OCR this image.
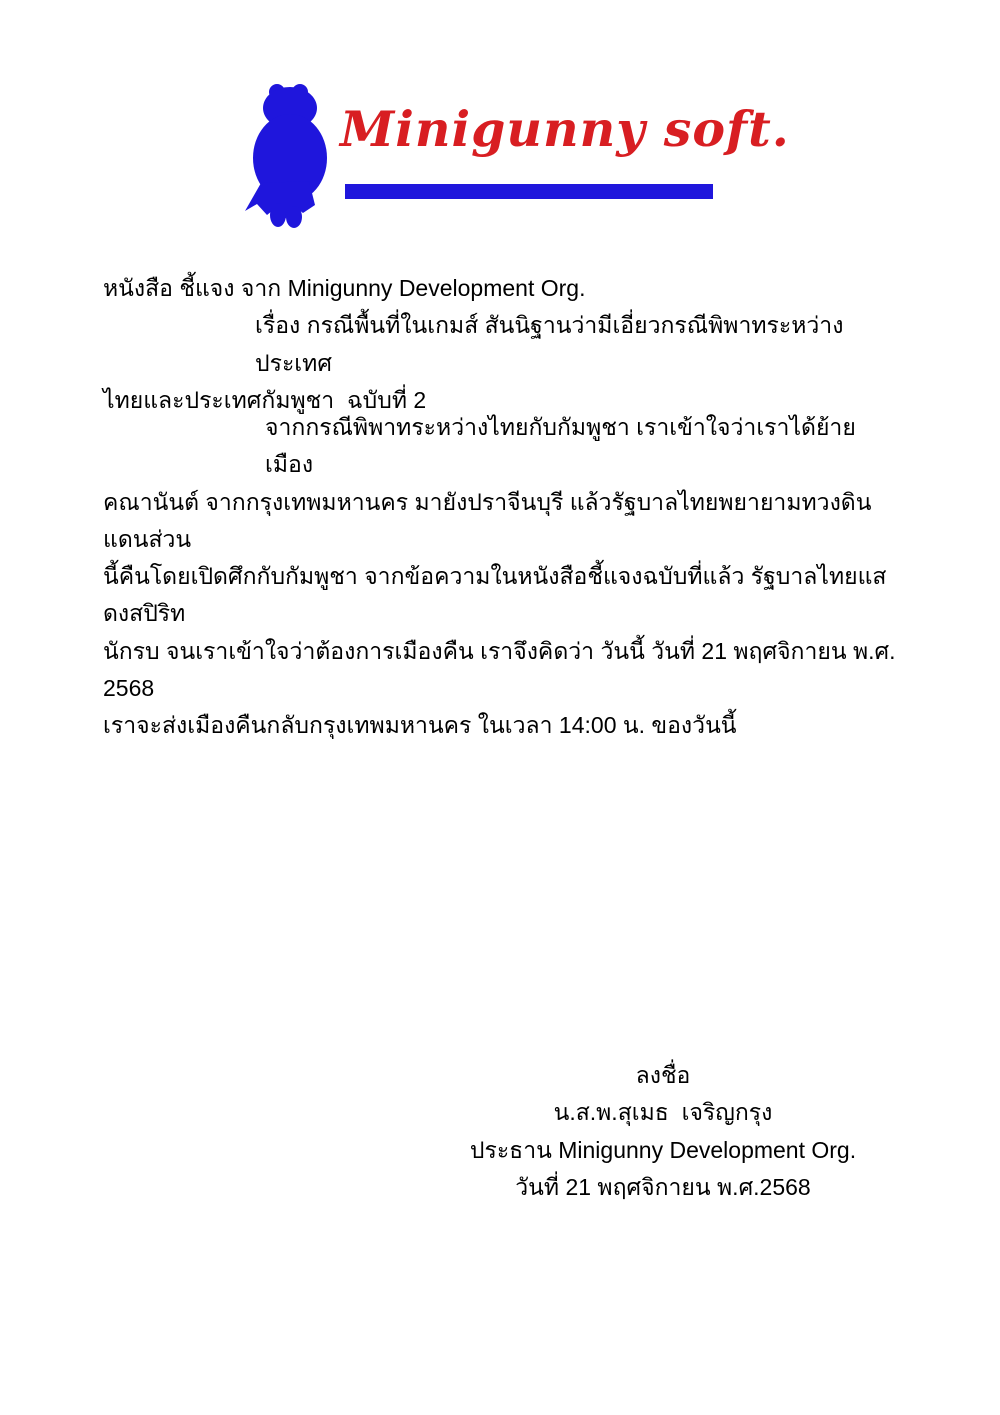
Minigunny soft.
หนังสือ ชี้แจง จาก Minigunny Development Org.
เรื่อง กรณีพื้นที่ในเกมส์ สันนิฐานว่ามีเอี่ยวกรณีพิพาทระหว่างประเทศ
ไทยและประเทศกัมพูชา  ฉบับที่ 2
จากกรณีพิพาทระหว่างไทยกับกัมพูชา เราเข้าใจว่าเราได้ย้ายเมือง
คณานันต์ จากกรุงเทพมหานคร มายังปราจีนบุรี แล้วรัฐบาลไทยพยายามทวงดินแดนส่วน
นี้คืนโดยเปิดศึกกับกัมพูชา จากข้อความในหนังสือชี้แจงฉบับที่แล้ว รัฐบาลไทยแสดงสปิริท
นักรบ จนเราเข้าใจว่าต้องการเมืองคืน เราจึงคิดว่า วันนี้ วันที่ 21 พฤศจิกายน พ.ศ. 2568
เราจะส่งเมืองคืนกลับกรุงเทพมหานคร ในเวลา 14:00 น. ของวันนี้
ลงชื่อ
น.ส.พ.สุเมธ  เจริญกรุง
ประธาน Minigunny Development Org.
วันที่ 21 พฤศจิกายน พ.ศ.2568
